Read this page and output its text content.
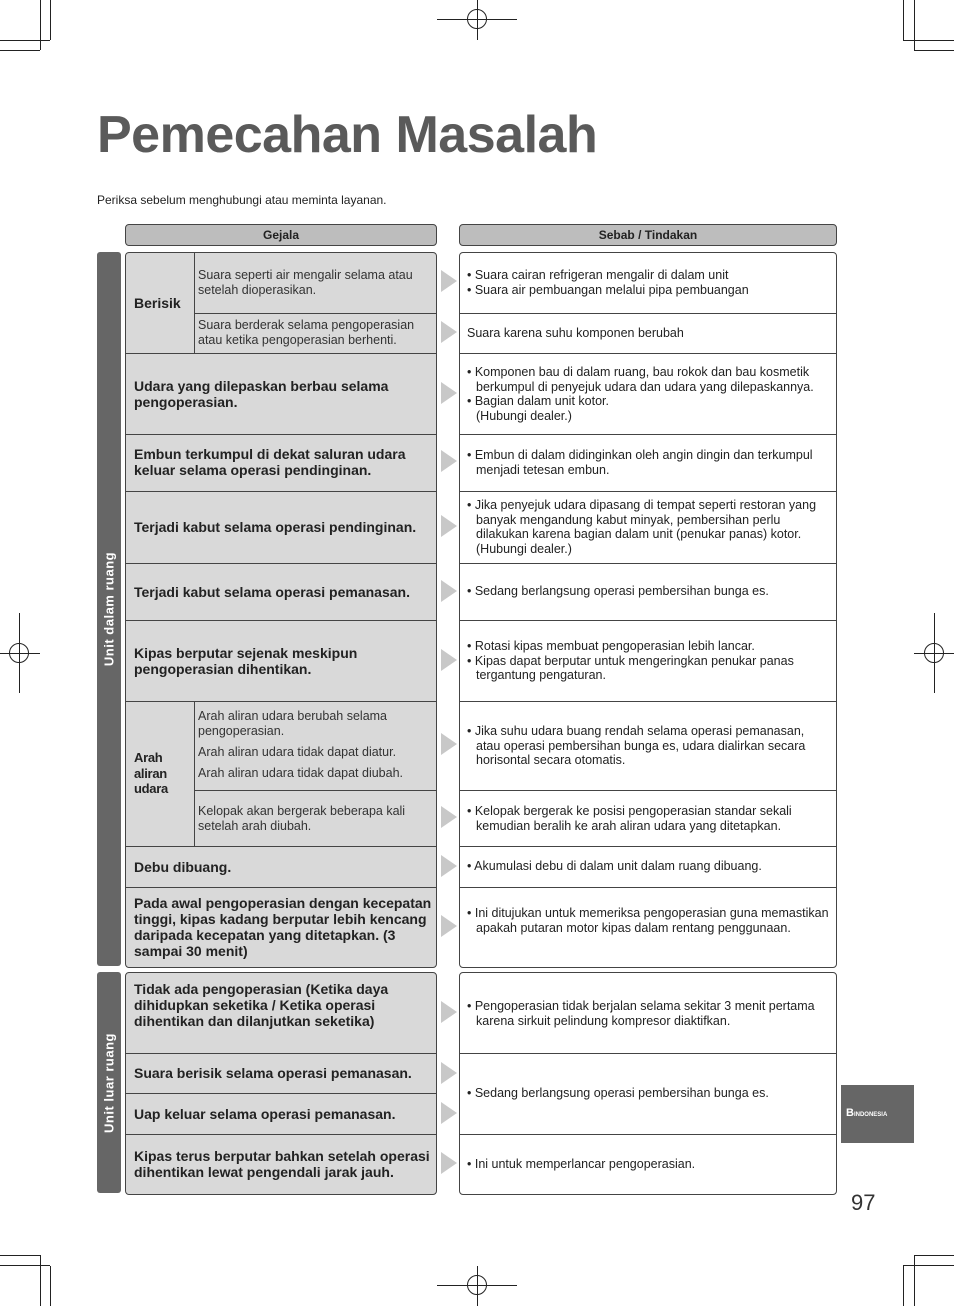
Pemecahan Masalah
Periksa sebelum menghubungi atau meminta layanan.
Gejala	Sebab / Tindakan
Unit dalam ruang
Berisik
Suara seperti air mengalir selama atau setelah dioperasikan.
Suara berderak selama pengoperasian atau ketika pengoperasian berhenti.
Udara yang dilepaskan berbau selama pengoperasian.
Embun terkumpul di dekat saluran udara keluar selama operasi pendinginan.
Terjadi kabut selama operasi pendinginan.
Terjadi kabut selama operasi pemanasan.
Kipas berputar sejenak meskipun pengoperasian dihentikan.
Arah aliran udara
Arah aliran udara berubah selama pengoperasian.
Arah aliran udara tidak dapat diatur.
Arah aliran udara tidak dapat diubah.
Kelopak akan bergerak beberapa kali setelah arah diubah.
Debu dibuang.
Pada awal pengoperasian dengan kecepatan tinggi, kipas kadang berputar lebih kencang daripada kecepatan yang ditetapkan. (3 sampai 30 menit)
• Suara cairan refrigeran mengalir di dalam unit
• Suara air pembuangan melalui pipa pembuangan
Suara karena suhu komponen berubah
• Komponen bau di dalam ruang, bau rokok dan bau kosmetik berkumpul di penyejuk udara dan udara yang dilepaskannya.
• Bagian dalam unit kotor.
(Hubungi dealer.)
• Embun di dalam didinginkan oleh angin dingin dan terkumpul menjadi tetesan embun.
• Jika penyejuk udara dipasang di tempat seperti restoran yang banyak mengandung kabut minyak, pembersihan perlu dilakukan karena bagian dalam unit (penukar panas) kotor.
(Hubungi dealer.)
• Sedang berlangsung operasi pembersihan bunga es.
• Rotasi kipas membuat pengoperasian lebih lancar.
• Kipas dapat berputar untuk mengeringkan penukar panas tergantung pengaturan.
• Jika suhu udara buang rendah selama operasi pemanasan, atau operasi pembersihan bunga es, udara dialirkan secara horisontal secara otomatis.
• Kelopak bergerak ke posisi pengoperasian standar sekali kemudian beralih ke arah aliran udara yang ditetapkan.
• Akumulasi debu di dalam unit dalam ruang dibuang.
• Ini ditujukan untuk memeriksa pengoperasian guna memastikan apakah putaran motor kipas dalam rentang penggunaan.
Unit luar ruang
Tidak ada pengoperasian (Ketika daya dihidupkan seketika / Ketika operasi dihentikan dan dilanjutkan seketika)
Suara berisik selama operasi pemanasan.
Uap keluar selama operasi pemanasan.
Kipas terus berputar bahkan setelah operasi dihentikan lewat pengendali jarak jauh.
• Pengoperasian tidak berjalan selama sekitar 3 menit pertama karena sirkuit pelindung kompresor diaktifkan.
• Sedang berlangsung operasi pembersihan bunga es.
• Ini untuk memperlancar pengoperasian.
BINDONESIA
97
